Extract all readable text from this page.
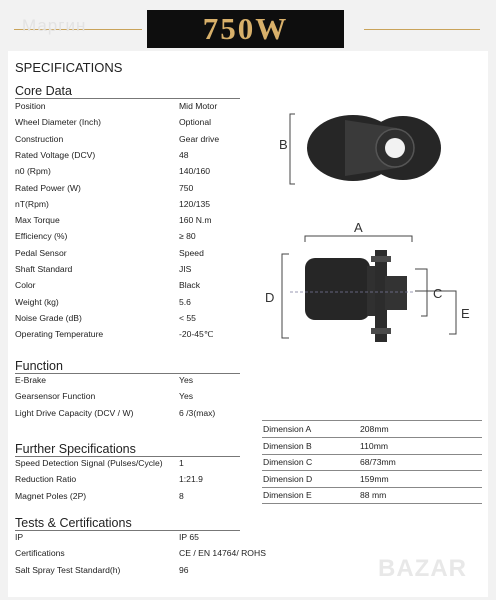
Маргин	750W
SPECIFICATIONS
Core Data
Position	Mid Motor
Wheel Diameter (Inch)	Optional
Construction	Gear drive
Rated Voltage (DCV)	48
n0 (Rpm)	140/160
Rated Power (W)	750
nT(Rpm)	120/135
Max Torque	160 N.m
Efficiency (%)	≥ 80
Pedal Sensor	Speed
Shaft Standard	JIS
Color	Black
Weight (kg)	5.6
Noise Grade (dB)	< 55
Operating Temperature	-20-45℃
Function
E-Brake	Yes
Gearsensor Function	Yes
Light Drive Capacity (DCV / W)	6 /3(max)
Further Specifications
Speed Detection Signal (Pulses/Cycle) 1
Reduction Ratio	1:21.9
Magnet Poles (2P)	8
Tests & Certifications
IP	IP 65
Certifications	CE / EN 14764/ ROHS
Salt Spray Test Standard(h)	96
Dimension A	208mm
Dimension B	110mm
Dimension C	68/73mm
Dimension D	159mm
Dimension E	88 mm
B
A
C
D
E
BAZAR
